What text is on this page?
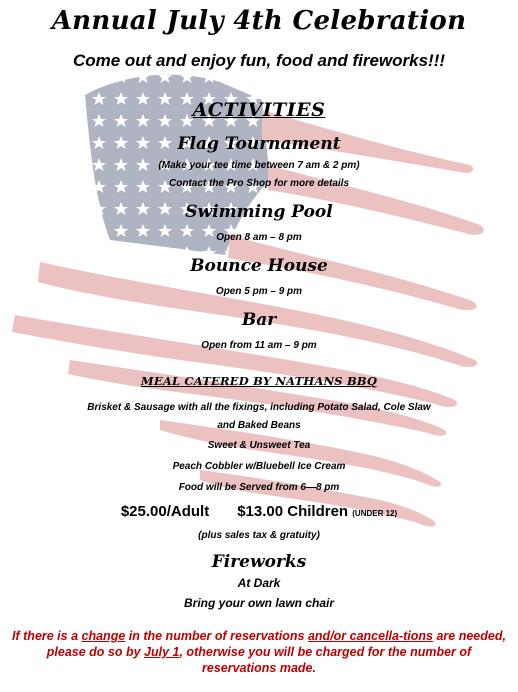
Annual July 4th Celebration
Come out and enjoy fun, food and fireworks!!!
ACTIVITIES
Flag Tournament
(Make your tee time between 7 am & 2 pm)
Contact the Pro Shop for more details
Swimming Pool
Open 8 am – 8 pm
Bounce House
Open 5 pm – 9 pm
Bar
Open from 11 am – 9 pm
MEAL CATERED BY NATHANS BBQ
Brisket & Sausage with all the fixings, including Potato Salad, Cole Slaw
and Baked Beans
Sweet & Unsweet Tea
Peach Cobbler w/Bluebell Ice Cream
Food will be Served from 6—8 pm
$25.00/Adult $13.00 Children (UNDER 12)
(plus sales tax & gratuity)
Fireworks
At Dark
Bring your own lawn chair
If there is a change in the number of reservations and/or cancella-tions are needed, please do so by July 1, otherwise you will be charged for the number of reservations made.
